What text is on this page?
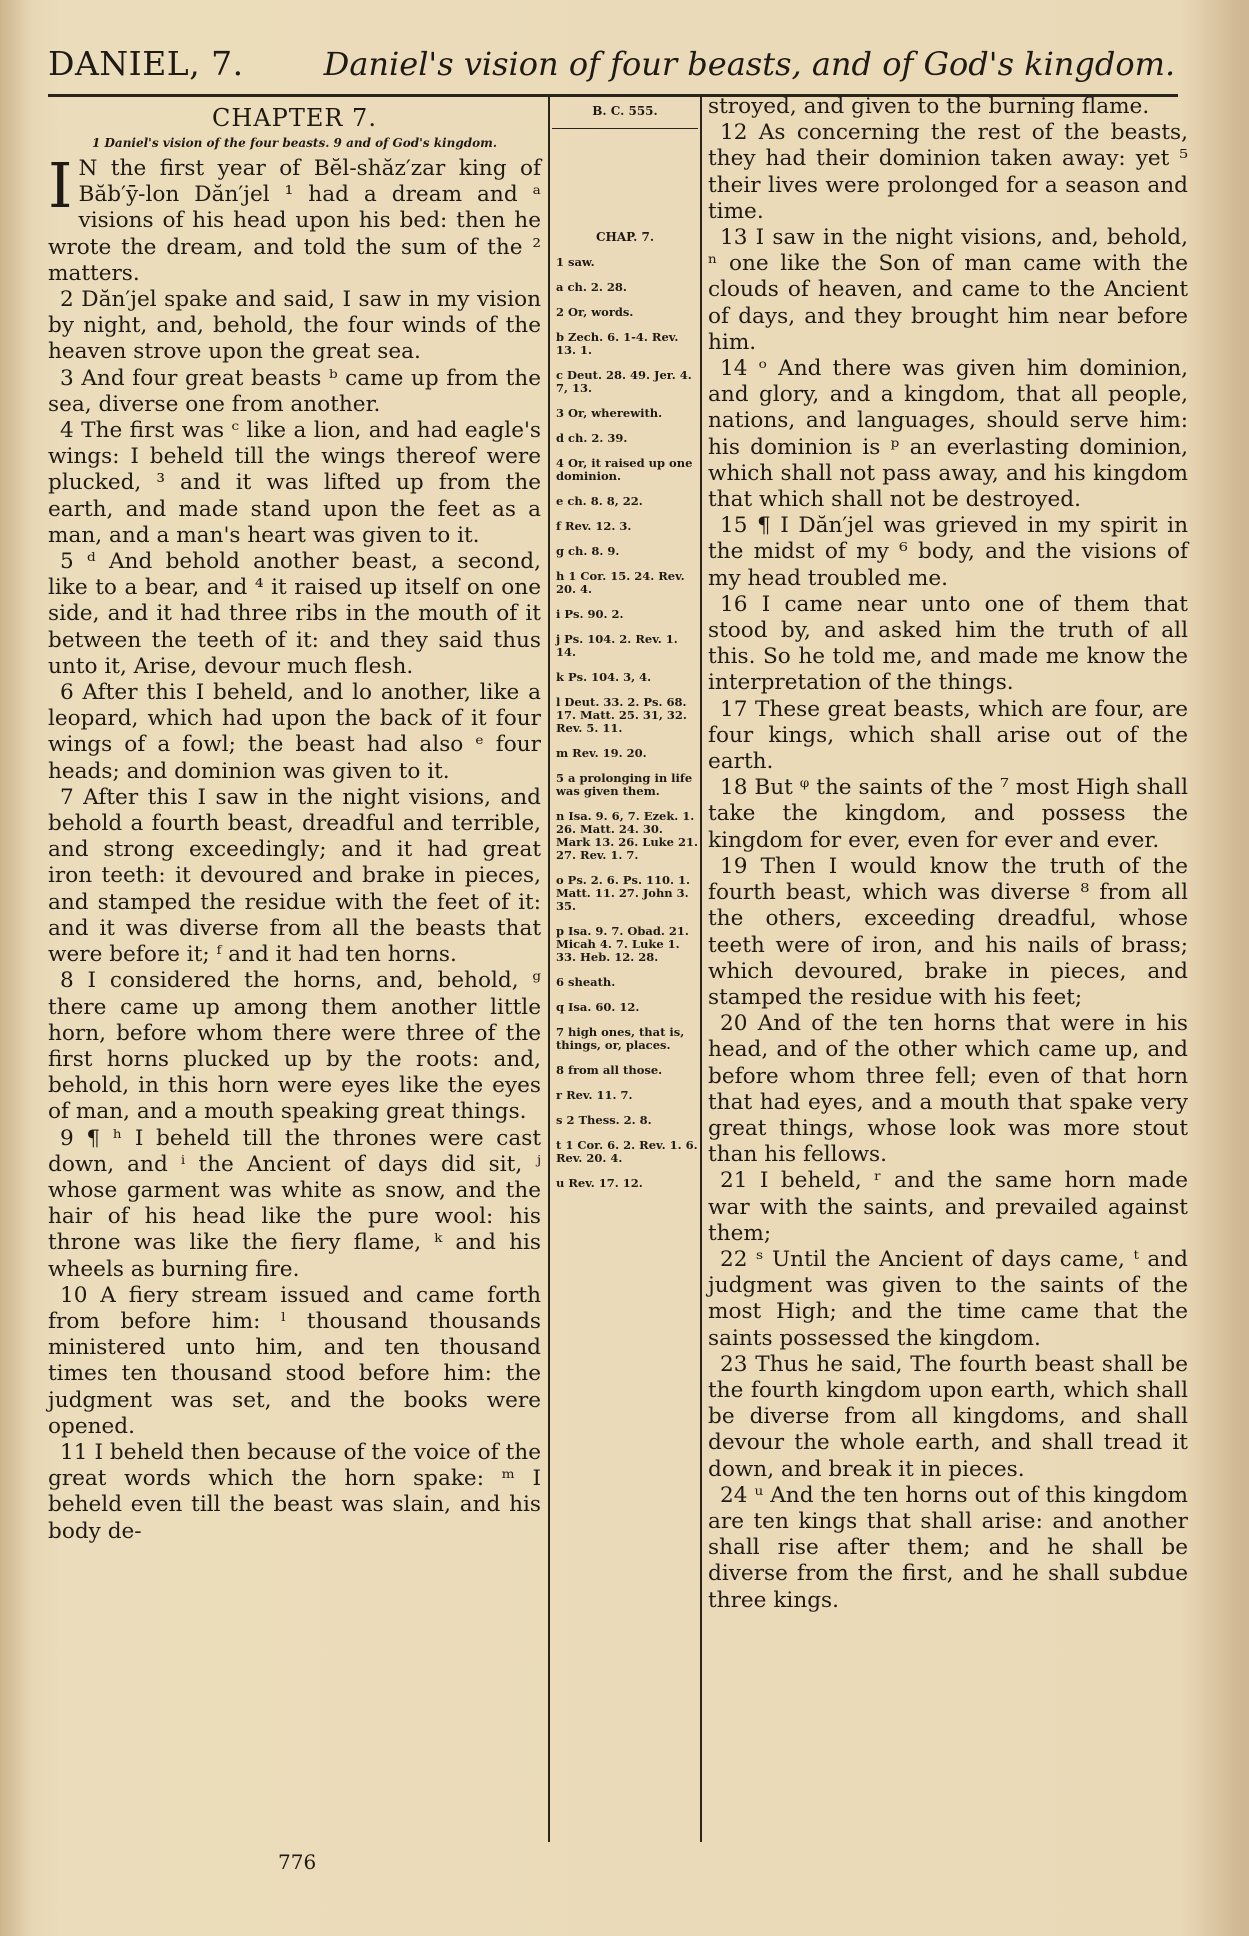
DANIEL, 7.	Daniel's vision of four beasts, and of God's kingdom.

CHAPTER 7.

1 Daniel's vision of the four beasts. 9 and of God's kingdom.

I N the first year of Bĕl-shăz′zar king of Băb′ȳ-lon Dăn′jel ¹ had a dream and ᵃ visions of his head upon his bed: then he wrote the dream, and told the sum of the ² matters.

2 Dăn′jel spake and said, I saw in my vision by night, and, behold, the four winds of the heaven strove upon the great sea.

3 And four great beasts ᵇ came up from the sea, diverse one from another.

4 The first was ᶜ like a lion, and had eagle's wings: I beheld till the wings thereof were plucked, ³ and it was lifted up from the earth, and made stand upon the feet as a man, and a man's heart was given to it.

5 ᵈ And behold another beast, a second, like to a bear, and ⁴ it raised up itself on one side, and it had three ribs in the mouth of it between the teeth of it: and they said thus unto it, Arise, devour much flesh.

6 After this I beheld, and lo another, like a leopard, which had upon the back of it four wings of a fowl; the beast had also ᵉ four heads; and dominion was given to it.

7 After this I saw in the night visions, and behold a fourth beast, dreadful and terrible, and strong exceedingly; and it had great iron teeth: it devoured and brake in pieces, and stamped the residue with the feet of it: and it was diverse from all the beasts that were before it; ᶠ and it had ten horns.

8 I considered the horns, and, behold, ᵍ there came up among them another little horn, before whom there were three of the first horns plucked up by the roots: and, behold, in this horn were eyes like the eyes of man, and a mouth speaking great things.

9 ¶ ʰ I beheld till the thrones were cast down, and ⁱ the Ancient of days did sit, ʲ whose garment was white as snow, and the hair of his head like the pure wool: his throne was like the fiery flame, ᵏ and his wheels as burning fire.

10 A fiery stream issued and came forth from before him: ˡ thousand thousands ministered unto him, and ten thousand times ten thousand stood before him: the judgment was set, and the books were opened.

11 I beheld then because of the voice of the great words which the horn spake: ᵐ I beheld even till the beast was slain, and his body de-

B. C. 555.

CHAP. 7.

1 saw.

a ch. 2. 28.

2 Or, words.

b Zech. 6. 1-4. Rev. 13. 1.

c Deut. 28. 49. Jer. 4. 7, 13.

3 Or, wherewith.

d ch. 2. 39.

4 Or, it raised up one dominion.

e ch. 8. 8, 22.

f Rev. 12. 3.

g ch. 8. 9.

h 1 Cor. 15. 24. Rev. 20. 4.

i Ps. 90. 2.

j Ps. 104. 2. Rev. 1. 14.

k Ps. 104. 3, 4.

l Deut. 33. 2. Ps. 68. 17. Matt. 25. 31, 32. Rev. 5. 11.

m Rev. 19. 20.

5 a prolonging in life was given them.

n Isa. 9. 6, 7. Ezek. 1. 26. Matt. 24. 30. Mark 13. 26. Luke 21. 27. Rev. 1. 7.

o Ps. 2. 6. Ps. 110. 1. Matt. 11. 27. John 3. 35.

p Isa. 9. 7. Obad. 21. Micah 4. 7. Luke 1. 33. Heb. 12. 28.

6 sheath.

q Isa. 60. 12.

7 high ones, that is, things, or, places.

8 from all those.

r Rev. 11. 7.

s 2 Thess. 2. 8.

t 1 Cor. 6. 2. Rev. 1. 6. Rev. 20. 4.

u Rev. 17. 12.

stroyed, and given to the burning flame.

12 As concerning the rest of the beasts, they had their dominion taken away: yet ⁵ their lives were prolonged for a season and time.

13 I saw in the night visions, and, behold, ⁿ one like the Son of man came with the clouds of heaven, and came to the Ancient of days, and they brought him near before him.

14 ᵒ And there was given him dominion, and glory, and a kingdom, that all people, nations, and languages, should serve him: his dominion is ᵖ an everlasting dominion, which shall not pass away, and his kingdom that which shall not be destroyed.

15 ¶ I Dăn′jel was grieved in my spirit in the midst of my ⁶ body, and the visions of my head troubled me.

16 I came near unto one of them that stood by, and asked him the truth of all this. So he told me, and made me know the interpretation of the things.

17 These great beasts, which are four, are four kings, which shall arise out of the earth.

18 But ᵠ the saints of the ⁷ most High shall take the kingdom, and possess the kingdom for ever, even for ever and ever.

19 Then I would know the truth of the fourth beast, which was diverse ⁸ from all the others, exceeding dreadful, whose teeth were of iron, and his nails of brass; which devoured, brake in pieces, and stamped the residue with his feet;

20 And of the ten horns that were in his head, and of the other which came up, and before whom three fell; even of that horn that had eyes, and a mouth that spake very great things, whose look was more stout than his fellows.

21 I beheld, ʳ and the same horn made war with the saints, and prevailed against them;

22 ˢ Until the Ancient of days came, ᵗ and judgment was given to the saints of the most High; and the time came that the saints possessed the kingdom.

23 Thus he said, The fourth beast shall be the fourth kingdom upon earth, which shall be diverse from all kingdoms, and shall devour the whole earth, and shall tread it down, and break it in pieces.

24 ᵘ And the ten horns out of this kingdom are ten kings that shall arise: and another shall rise after them; and he shall be diverse from the first, and he shall subdue three kings.

776
